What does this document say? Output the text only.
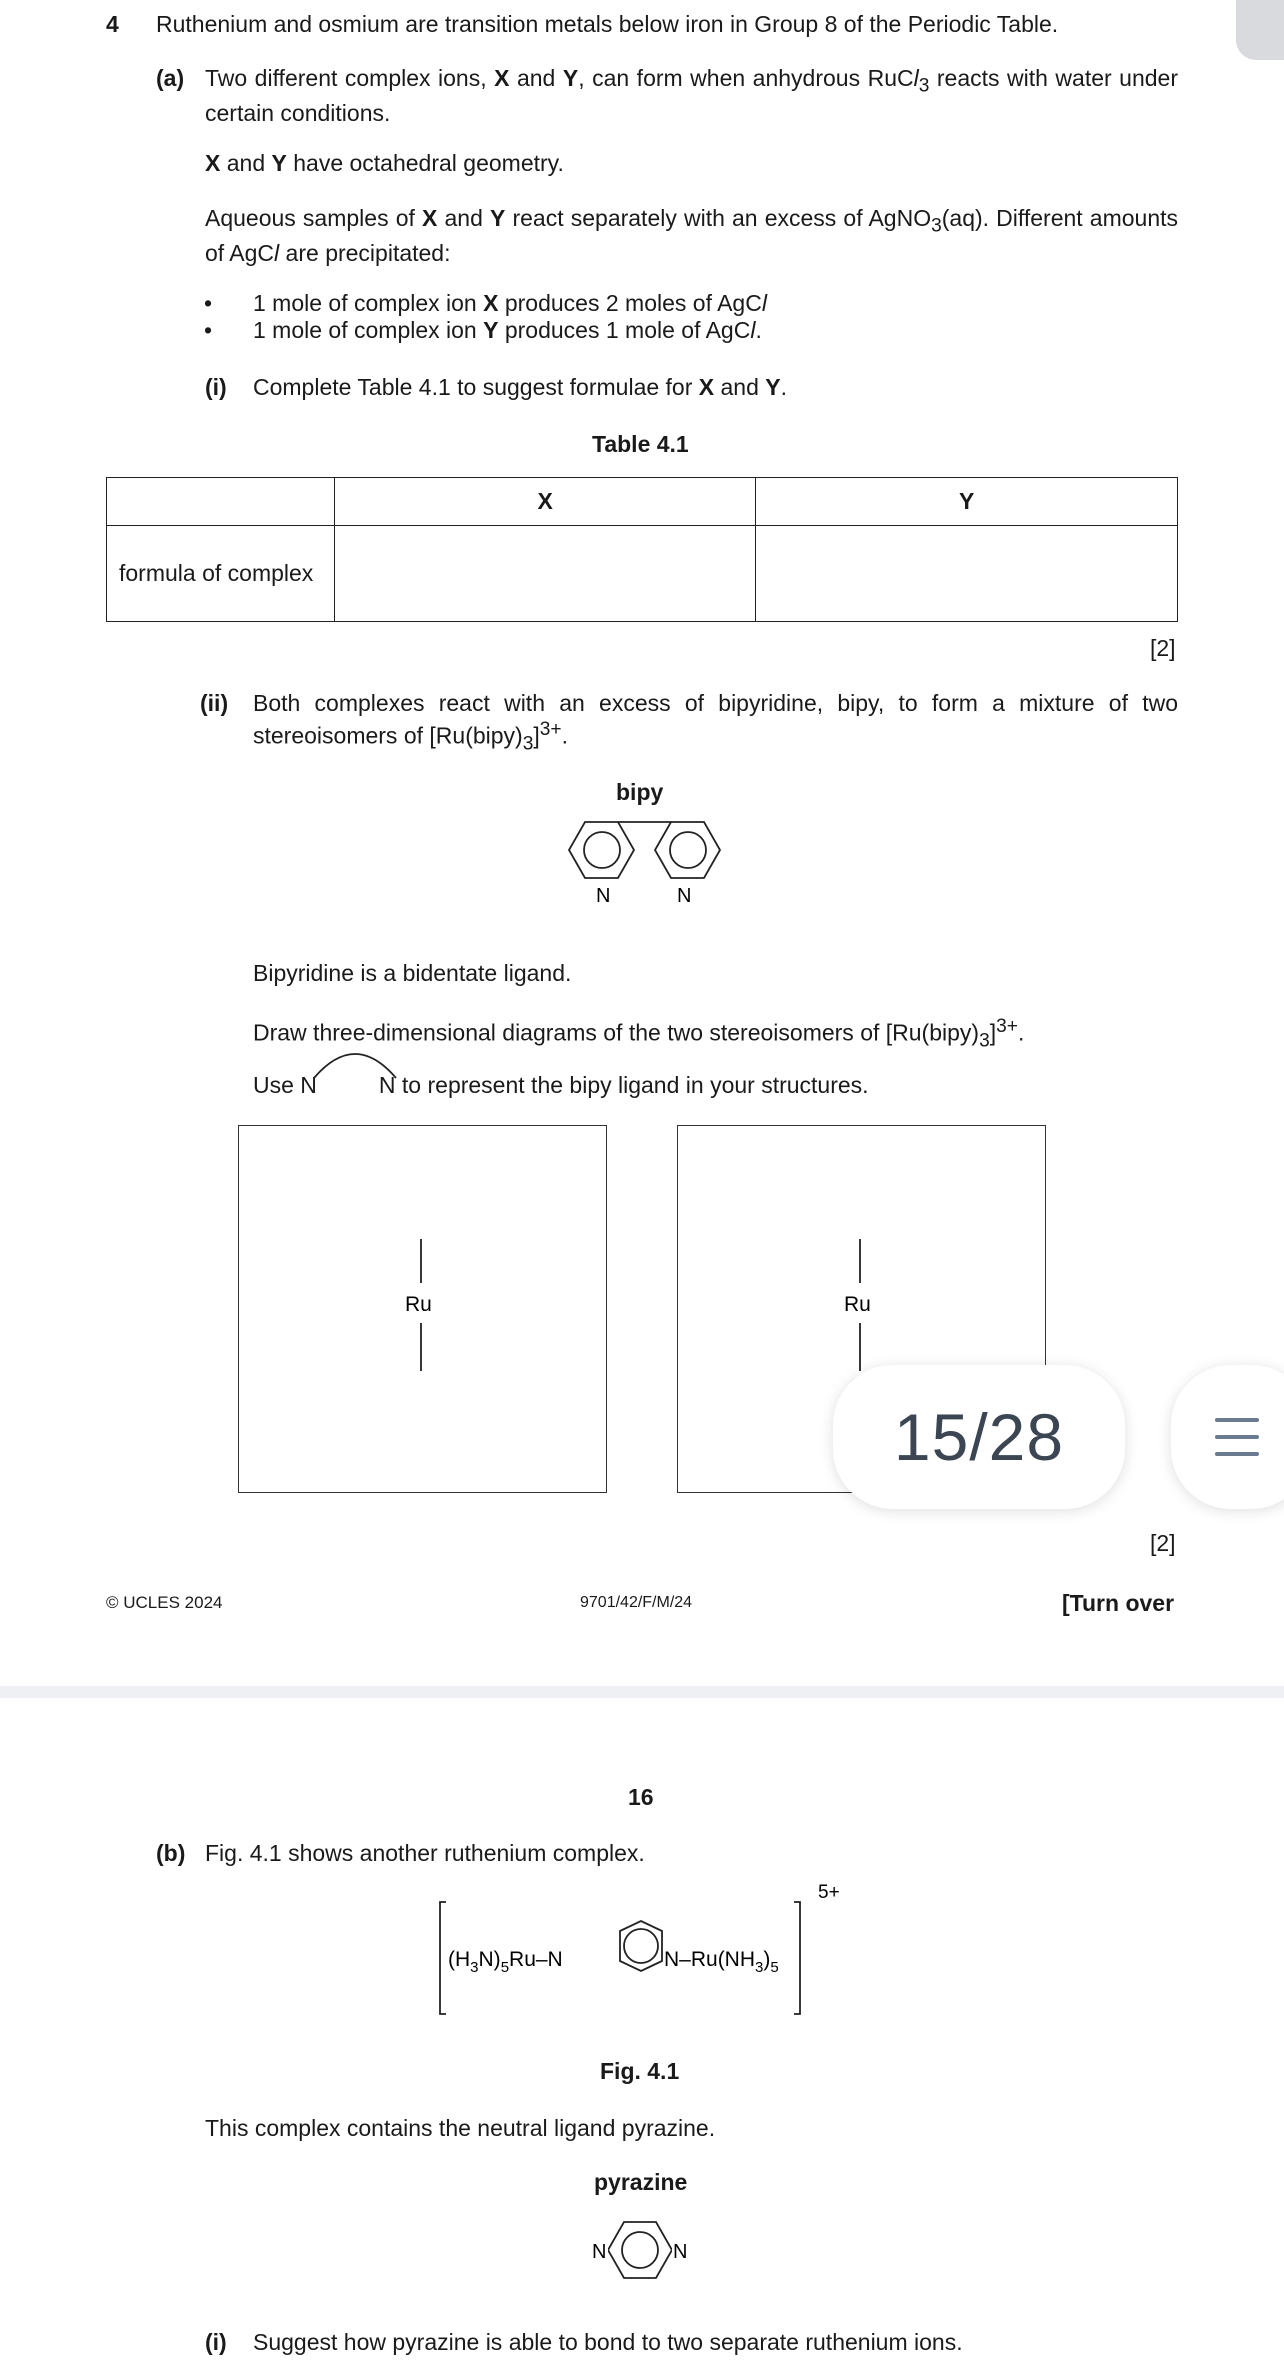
4 Ruthenium and osmium are transition metals below iron in Group 8 of the Periodic Table.
(a) Two different complex ions, X and Y, can form when anhydrous RuCl$_3$ reacts with water under certain conditions.
X and Y have octahedral geometry.
Aqueous samples of X and Y react separately with an excess of AgNO$_3$(aq). Different amounts of AgCl are precipitated:
• 1 mole of complex ion X produces 2 moles of AgCl
• 1 mole of complex ion Y produces 1 mole of AgCl.
(i) Complete Table 4.1 to suggest formulae for X and Y.
Table 4.1
	X	Y
formula of complex		
[2]
(ii) Both complexes react with an excess of bipyridine, bipy, to form a mixture of two stereoisomers of $[Ru(bipy)_3]^{3+}$.
bipy
N	N
Bipyridine is a bidentate ligand.
Draw three-dimensional diagrams of the two stereoisomers of $[Ru(bipy)_3]^{3+}$.
Use N	N to represent the bipy ligand in your structures.
Ru	Ru
15/28
[2]
© UCLES 2024	9701/42/F/M/24	[Turn over
16
(b) Fig. 4.1 shows another ruthenium complex.
5+
$(H_3N)_5Ru-N$	$N-Ru(NH_3)_5$
Fig. 4.1
This complex contains the neutral ligand pyrazine.
pyrazine
N	N
(i) Suggest how pyrazine is able to bond to two separate ruthenium ions.
